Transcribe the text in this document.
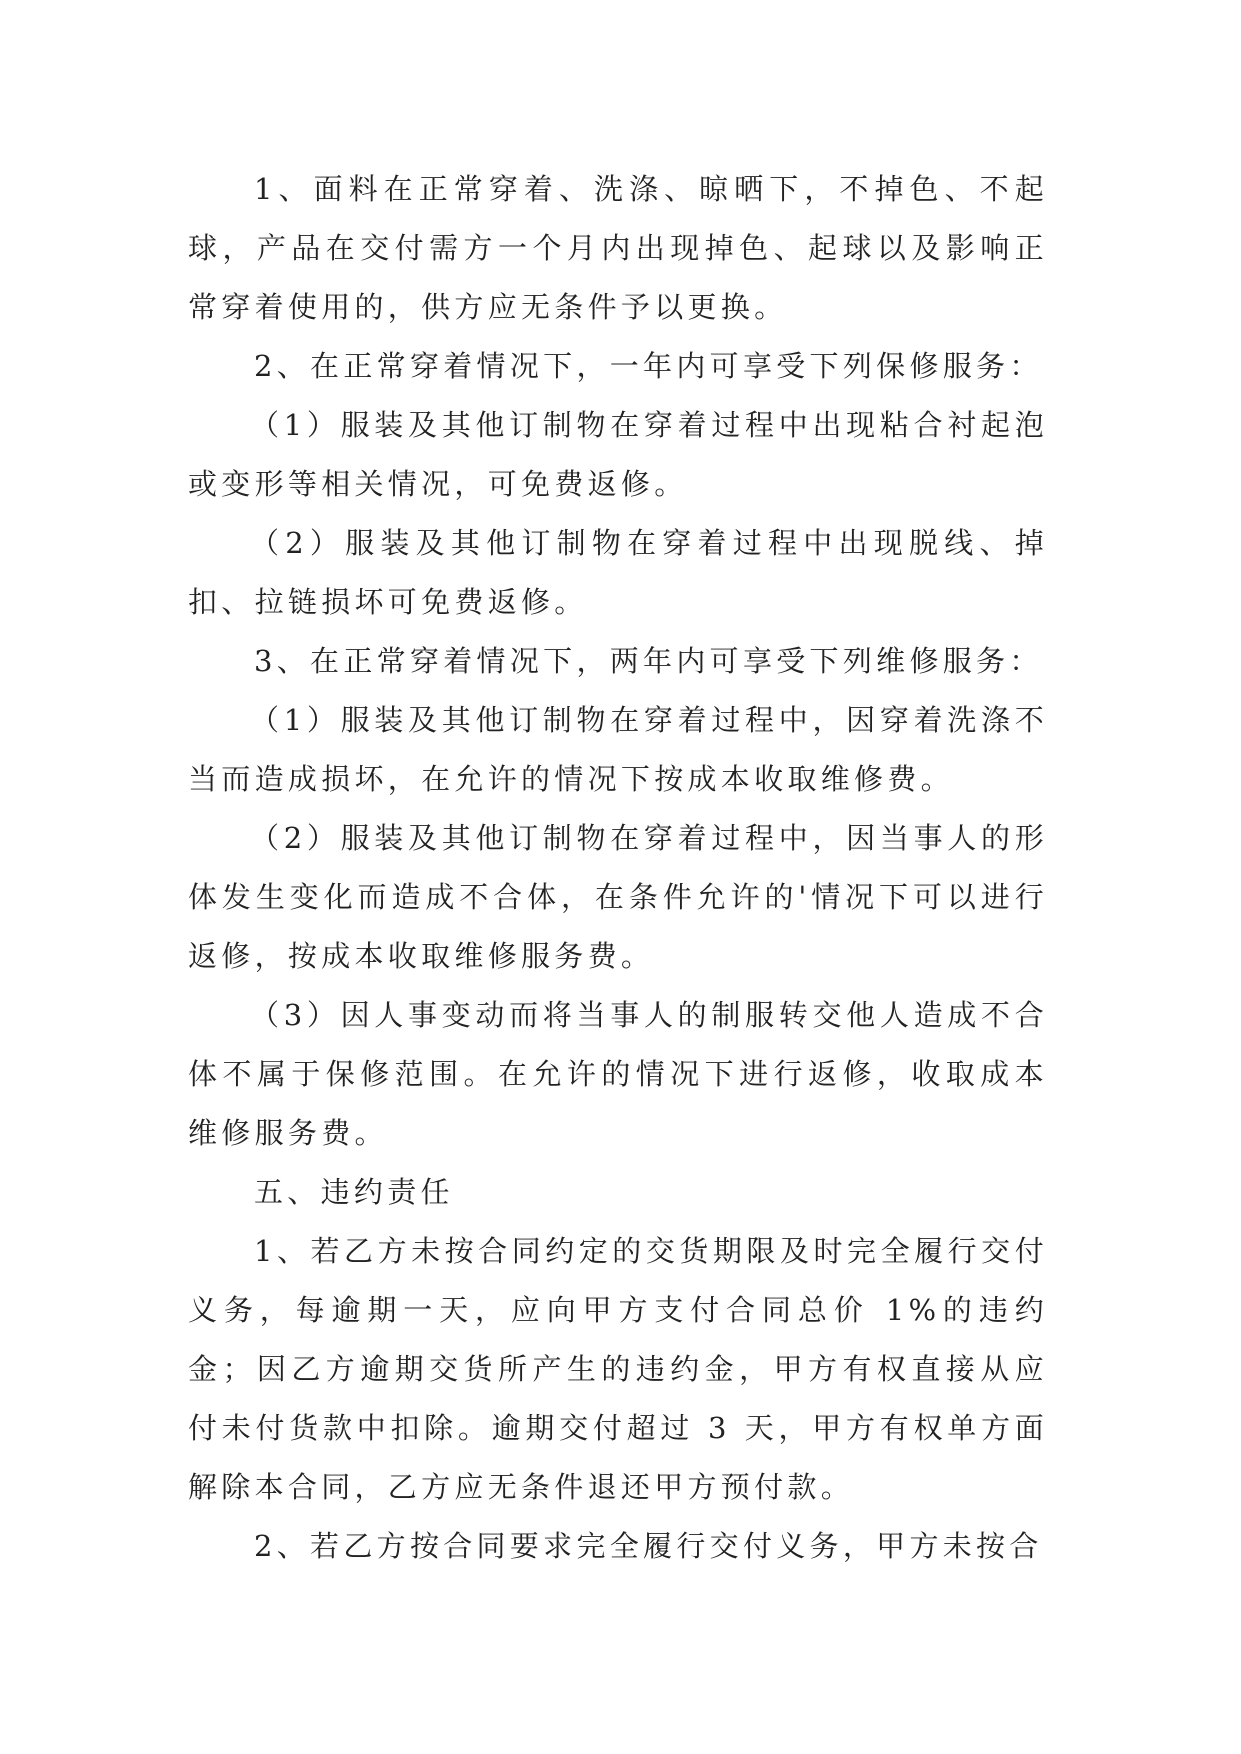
1、面料在正常穿着、洗涤、晾晒下，不掉色、不起球，产品在交付需方一个月内出现掉色、起球以及影响正常穿着使用的，供方应无条件予以更换。

2、在正常穿着情况下，一年内可享受下列保修服务：

（1）服装及其他订制物在穿着过程中出现粘合衬起泡或变形等相关情况，可免费返修。

（2）服装及其他订制物在穿着过程中出现脱线、掉扣、拉链损坏可免费返修。

3、在正常穿着情况下，两年内可享受下列维修服务：

（1）服装及其他订制物在穿着过程中，因穿着洗涤不当而造成损坏，在允许的情况下按成本收取维修费。

（2）服装及其他订制物在穿着过程中，因当事人的形体发生变化而造成不合体，在条件允许的'情况下可以进行返修，按成本收取维修服务费。

（3）因人事变动而将当事人的制服转交他人造成不合体不属于保修范围。在允许的情况下进行返修，收取成本维修服务费。

五、违约责任

1、若乙方未按合同约定的交货期限及时完全履行交付义务，每逾期一天，应向甲方支付合同总价 1%的违约金；因乙方逾期交货所产生的违约金，甲方有权直接从应付未付货款中扣除。逾期交付超过 3 天，甲方有权单方面解除本合同，乙方应无条件退还甲方预付款。

2、若乙方按合同要求完全履行交付义务，甲方未按合
